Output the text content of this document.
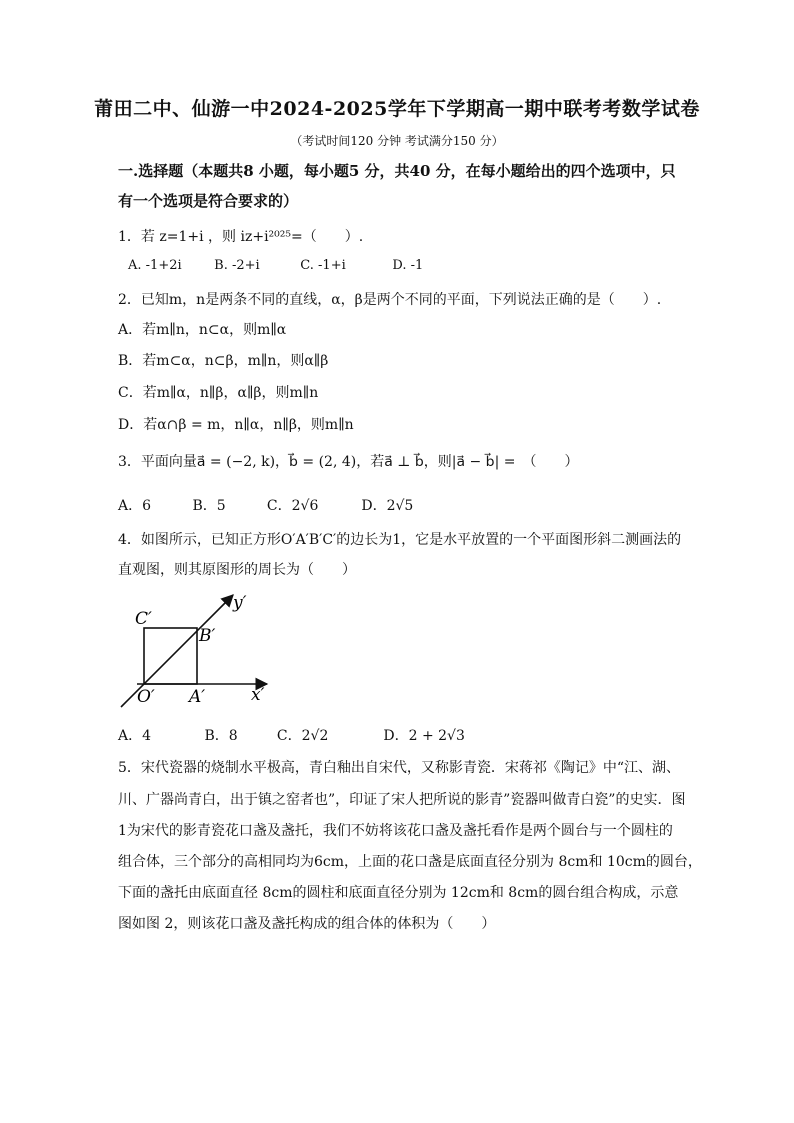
莆田二中、仙游一中2024-2025学年下学期高一期中联考考数学试卷
（考试时间120 分钟 考试满分150 分）
一.选择题（本题共8 小题，每小题5 分，共40 分，在每小题给出的四个选项中，只有一个选项是符合要求的）
1．若 z=1+i ，则 iz+i²⁰²⁵=（　　）.
A. -1+2i	B. -2+i	C. -1+i	D. -1
2．已知m，n是两条不同的直线，α，β是两个不同的平面，下列说法正确的是（　　）.
A．若m∥n，n⊂α，则m∥α
B．若m⊂α，n⊂β，m∥n，则α∥β
C．若m∥α，n∥β，α∥β，则m∥n
D．若α∩β = m，n∥α，n∥β，则m∥n
3．平面向量a⃗ = (−2, k)，b⃗ = (2, 4)，若a⃗ ⊥ b⃗，则|a⃗ − b⃗| =　（　　）
A．6	B．5	C．2√6	D．2√5
4．如图所示，已知正方形O′A′B′C′的边长为1，它是水平放置的一个平面图形斜二测画法的
直观图，则其原图形的周长为（　　）
C′
B′
O′ A′	x′
y′
A．4	B．8	C．2√2	D．2 + 2√3
5．宋代瓷器的烧制水平极高，青白釉出自宋代，又称影青瓷．宋蒋祁《陶记》中“江、湖、
川、广器尚青白，出于镇之窑者也”，印证了宋人把所说的影青”瓷器叫做青白瓷”的史实．图
1为宋代的影青瓷花口盏及盏托，我们不妨将该花口盏及盏托看作是两个圆台与一个圆柱的
组合体，三个部分的高相同均为6cm，上面的花口盏是底面直径分别为 8cm和 10cm的圆台，
下面的盏托由底面直径 8cm的圆柱和底面直径分别为 12cm和 8cm的圆台组合构成，示意
图如图 2，则该花口盏及盏托构成的组合体的体积为（　　）
